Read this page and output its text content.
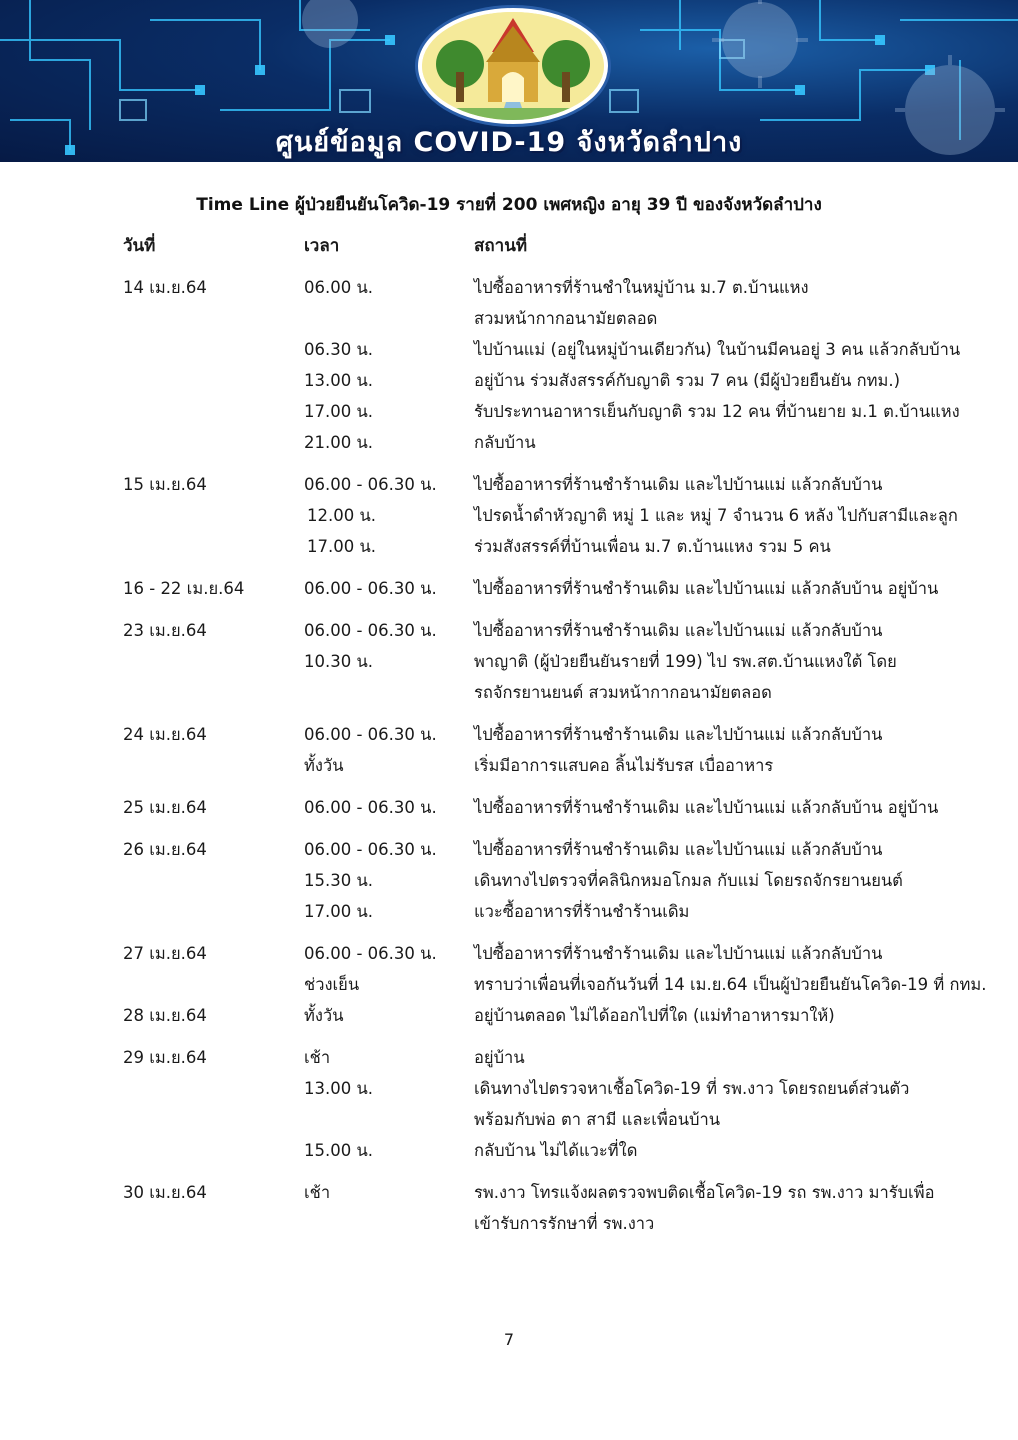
ศูนย์ข้อมูล COVID-19 จังหวัดลำปาง
Time Line ผู้ป่วยยืนยันโควิด-19 รายที่ 200 เพศหญิง อายุ 39 ปี ของจังหวัดลำปาง
วันที่	เวลา	สถานที่
14 เม.ย.64	06.00 น.	ไปซื้ออาหารที่ร้านชำในหมู่บ้าน ม.7 ต.บ้านแหง
สวมหน้ากากอนามัยตลอด
06.30 น.	ไปบ้านแม่ (อยู่ในหมู่บ้านเดียวกัน) ในบ้านมีคนอยู่ 3 คน แล้วกลับบ้าน
13.00 น.	อยู่บ้าน ร่วมสังสรรค์กับญาติ รวม 7 คน (มีผู้ป่วยยืนยัน กทม.)
17.00 น.	รับประทานอาหารเย็นกับญาติ รวม 12 คน ที่บ้านยาย ม.1 ต.บ้านแหง
21.00 น.	กลับบ้าน
15 เม.ย.64	06.00 - 06.30 น. ไปซื้ออาหารที่ร้านชำร้านเดิม และไปบ้านแม่ แล้วกลับบ้าน
12.00 น.	ไปรดน้ำดำหัวญาติ หมู่ 1 และ หมู่ 7 จำนวน 6 หลัง ไปกับสามีและลูก
17.00 น.	ร่วมสังสรรค์ที่บ้านเพื่อน ม.7 ต.บ้านแหง รวม 5 คน
16 - 22 เม.ย.64	06.00 - 06.30 น. ไปซื้ออาหารที่ร้านชำร้านเดิม และไปบ้านแม่ แล้วกลับบ้าน อยู่บ้าน
23 เม.ย.64	06.00 - 06.30 น. ไปซื้ออาหารที่ร้านชำร้านเดิม และไปบ้านแม่ แล้วกลับบ้าน
10.30 น.	พาญาติ (ผู้ป่วยยืนยันรายที่ 199) ไป รพ.สต.บ้านแหงใต้ โดย
รถจักรยานยนต์ สวมหน้ากากอนามัยตลอด
24 เม.ย.64	06.00 - 06.30 น. ไปซื้ออาหารที่ร้านชำร้านเดิม และไปบ้านแม่ แล้วกลับบ้าน
ทั้งวัน	เริ่มมีอาการแสบคอ ลิ้นไม่รับรส เบื่ออาหาร
25 เม.ย.64	06.00 - 06.30 น. ไปซื้ออาหารที่ร้านชำร้านเดิม และไปบ้านแม่ แล้วกลับบ้าน อยู่บ้าน
26 เม.ย.64	06.00 - 06.30 น. ไปซื้ออาหารที่ร้านชำร้านเดิม และไปบ้านแม่ แล้วกลับบ้าน
15.30 น.	เดินทางไปตรวจที่คลินิกหมอโกมล กับแม่ โดยรถจักรยานยนต์
17.00 น.	แวะซื้ออาหารที่ร้านชำร้านเดิม
27 เม.ย.64	06.00 - 06.30 น. ไปซื้ออาหารที่ร้านชำร้านเดิม และไปบ้านแม่ แล้วกลับบ้าน
ช่วงเย็น	ทราบว่าเพื่อนที่เจอกันวันที่ 14 เม.ย.64 เป็นผู้ป่วยยืนยันโควิด-19 ที่ กทม.
28 เม.ย.64	ทั้งวัน	อยู่บ้านตลอด ไม่ได้ออกไปที่ใด (แม่ทำอาหารมาให้)
29 เม.ย.64	เช้า	อยู่บ้าน
13.00 น.	เดินทางไปตรวจหาเชื้อโควิด-19 ที่ รพ.งาว โดยรถยนต์ส่วนตัว
พร้อมกับพ่อ ตา สามี และเพื่อนบ้าน
15.00 น.	กลับบ้าน ไม่ได้แวะที่ใด
30 เม.ย.64	เช้า	รพ.งาว โทรแจ้งผลตรวจพบติดเชื้อโควิด-19 รถ รพ.งาว มารับเพื่อ
เข้ารับการรักษาที่ รพ.งาว
7
